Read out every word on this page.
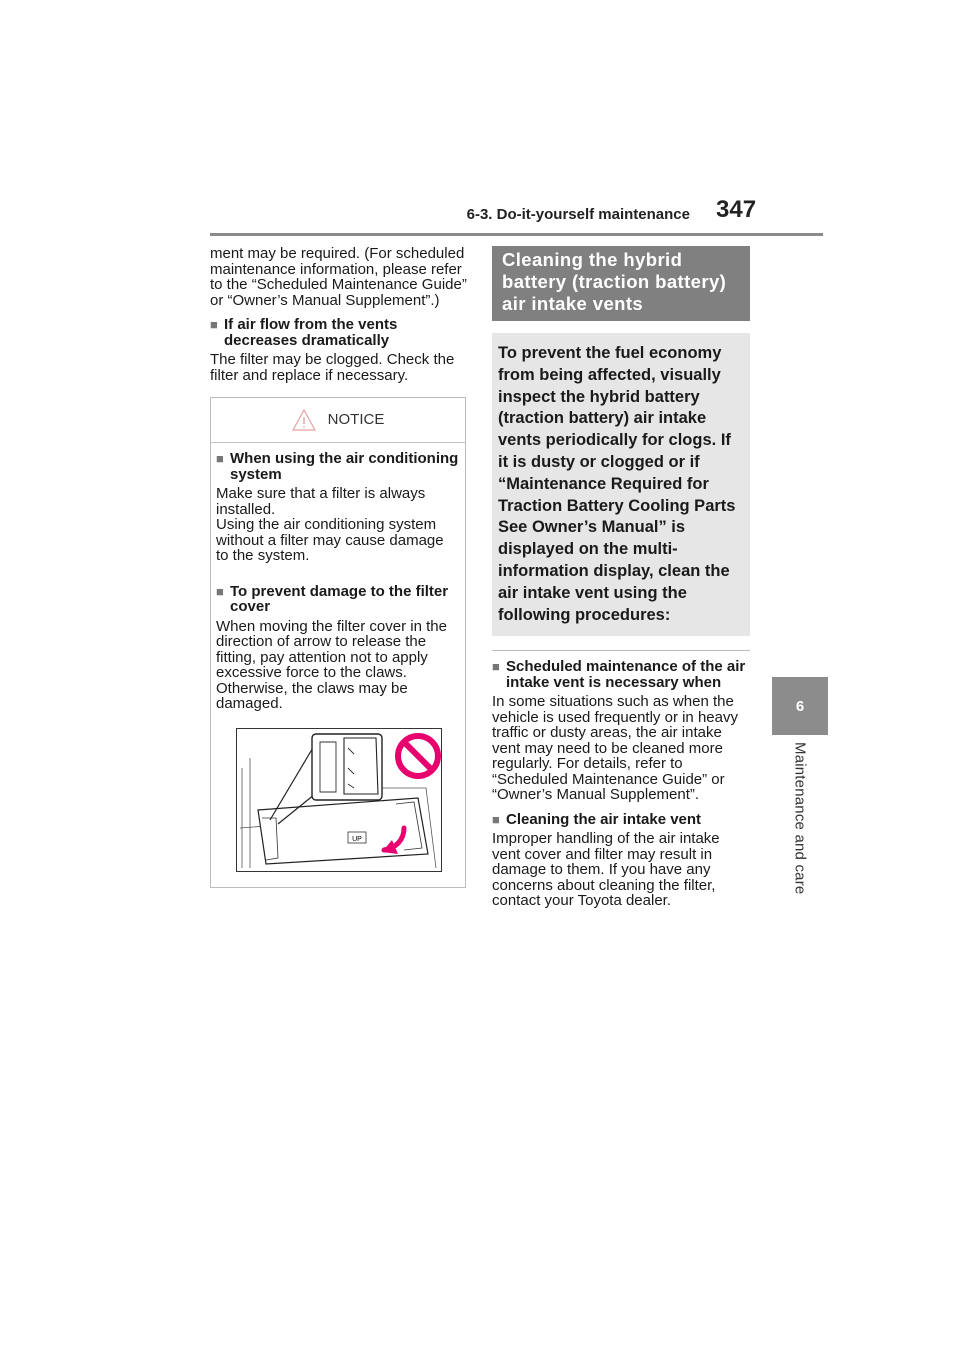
6-3. Do-it-yourself maintenance 347
6
Maintenance and care

ment may be required. (For scheduled maintenance information, please refer to the “Scheduled Maintenance Guide” or “Owner’s Manual Supplement”.)

■ If air flow from the vents decreases dramatically

The filter may be clogged. Check the filter and replace if necessary.

NOTICE
■ When using the air conditioning system

Make sure that a filter is always installed.

Using the air conditioning system without a filter may cause damage to the system.

■ To prevent damage to the filter cover

When moving the filter cover in the direction of arrow to release the fitting, pay attention not to apply excessive force to the claws. Otherwise, the claws may be damaged.

UP
Cleaning the hybrid battery (traction battery) air intake vents
To prevent the fuel economy from being affected, visually inspect the hybrid battery (traction battery) air intake vents periodically for clogs. If it is dusty or clogged or if “Maintenance Required for Traction Battery Cooling Parts See Owner’s Manual” is displayed on the multi-information display, clean the air intake vent using the following procedures:
■ Scheduled maintenance of the air intake vent is necessary when

In some situations such as when the vehicle is used frequently or in heavy traffic or dusty areas, the air intake vent may need to be cleaned more regularly. For details, refer to “Scheduled Maintenance Guide” or “Owner’s Manual Supplement”.

■ Cleaning the air intake vent

Improper handling of the air intake vent cover and filter may result in damage to them. If you have any concerns about cleaning the filter, contact your Toyota dealer.
